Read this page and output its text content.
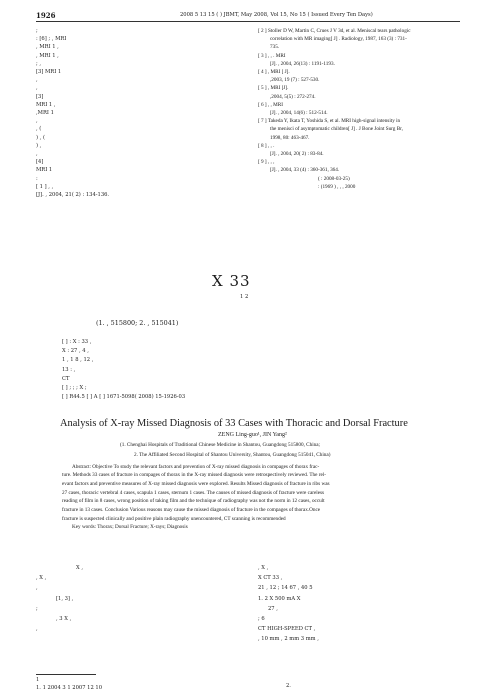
1926	2008 5 13 15 ( ) JBMT, May 2008, Vol 15, No 15 ( Issued Every Ten Days)
;
: [6] ; , MRI
, MRI 1 ,
, MRI 1 ,
; ,
[3] MRI 1
,
,
[3]
MRI 1 ,
,MRI 1
,
, (
) , (
) ,
,
[4]
MRI 1
:
[ 1 ] , ,
[J]. , 2004, 21( 2) : 134-136.
[ 2 ] Stoller D W, Martin C, Crues J V 3d, et al. Meniscal tears pathologic
correlation with MR imaging[ J] . Radiology, 1987, 163 (3) : 731-
735.
[ 3 ] , , . MRI
[J]. , 2004, 26(13) : 1191-1193.
[ 4 ] , MRI [ J].
,2003, 19 (7) : 527-530.
[ 5 ] , MRI [J].
,2004, 5(5) : 272-274.
[ 6 ] , , MRI
[J]. , 2004, 14(6) : 512-514.
[ 7 ] Takeda Y, Ikata T, Yoshida S, et al. MRI high-signal intensity in
the menisci of asymptomatic children[ J] . J Bone Joint Surg Br,
1998, 80: 463-467.
[ 8 ] , , .
[J]. , 2004, 20( 2) : 83-84.
[ 9 ] , , ,
[J]. , 2004, 33 (4) : 360-361, 364.
( : 2008-03-25)
: (1969 ) , , , 2000
X 33
1 2
(1. , 515800; 2. , 515041)
[ ] : X : 33 ,
X : 27 , 4 ,
1 , 1 8 , 12 ,
13 : ,
CT
[ ] ; ; ; X ;
[ ] R44.5 [ ] A [ ] 1671-5098( 2008) 15-1926-03
Analysis of X-ray Missed Diagnosis of 33 Cases with Thoracic and Dorsal Fracture
ZENG Ling-guo¹, JIN Yang²
(1. Chenghai Hospitals of Traditional Chinese Medicine in Shantou, Guangdong 515800, China;
2. The Affiliated Second Hospital of Shantou University, Shantou, Guangdong 515041, China)
Abstract: Objective To study the relevant factors and prevention of X-ray missed diagnosis in compages of thorax frac-
ture. Methods 33 cases of fracture in compages of thorax in the X-ray missed diagnosis were retrospectively reviewed. The rel-
evant factors and preventive measures of X-ray missed diagnosis were explored. Results Missed diagnosis of fracture in ribs was
27 cases, thoracic vertebral 4 cases, scapula 1 cases, sternum 1 cases. The causes of missed diagnosis of fracture were careless
reading of film in 8 cases, wrong position of taking film and the technique of radiography was not the norm in 12 cases, occult
fracture in 13 cases. Conclusion Various reasons may cause the missed diagnosis of fracture in the compages of thorax.Once
fracture is suspected clinically and positive plain radiography unencountered, CT scanning is recommended
Key words: Thorax; Dorsal Fracture; X-rays; Diagnosis
X ,
, X ,
,
[1, 3] ,
;
, 3 X ,
,
, X ,
X CT 33 ,
21 , 12 ; 14 67 , 40 5
1. 2 X 500 mA X
27 ,
; 6
CT HIGH-SPEED CT ,
, 10 mm , 2 mm 3 mm ,
1
1. 1 2004 3 1 2007 12 10	2.
